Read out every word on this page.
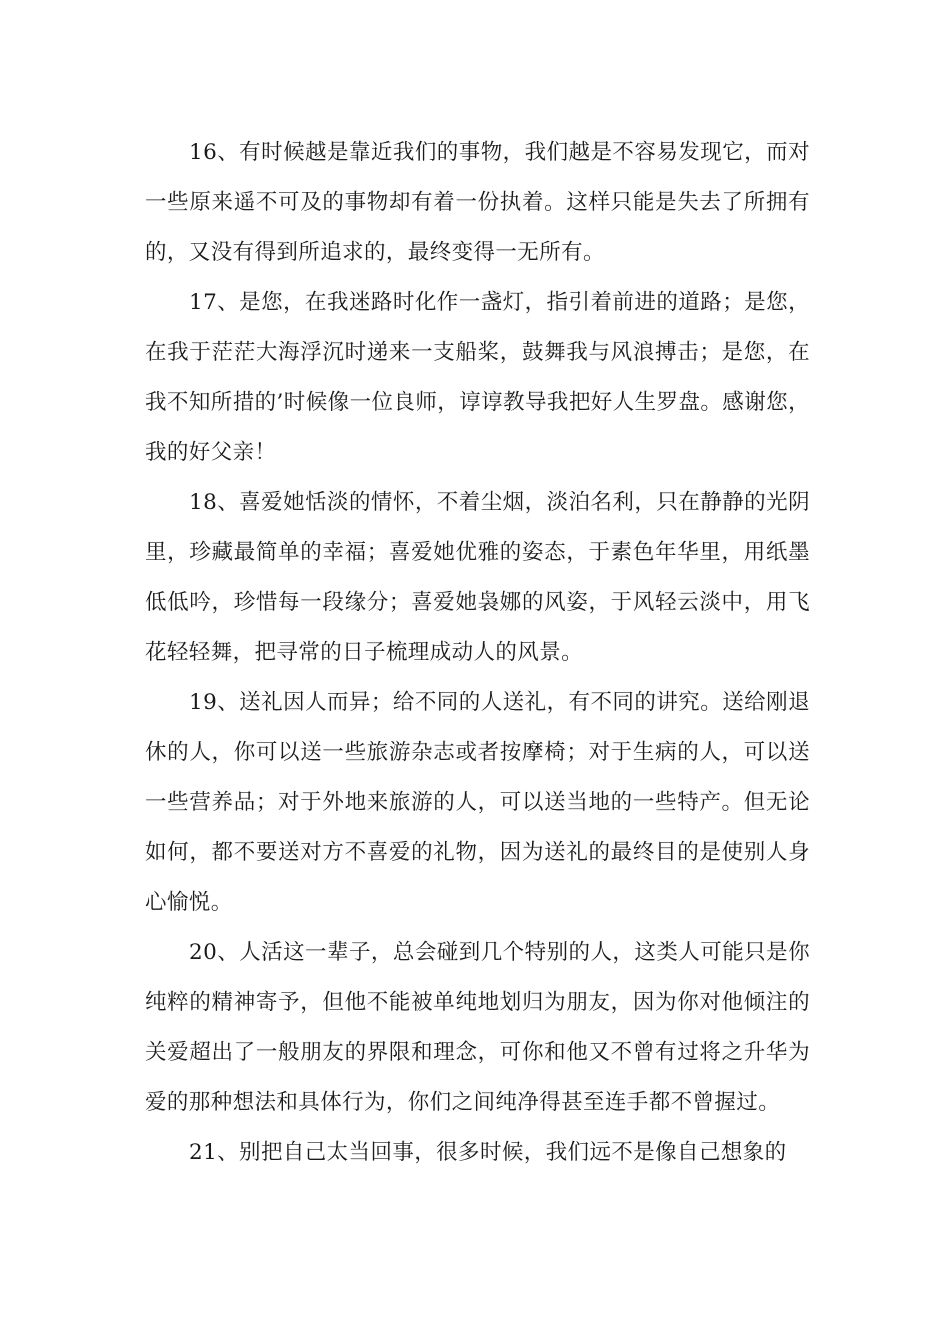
16、有时候越是靠近我们的事物，我们越是不容易发现它，而对一些原来遥不可及的事物却有着一份执着。这样只能是失去了所拥有的，又没有得到所追求的，最终变得一无所有。

17、是您，在我迷路时化作一盏灯，指引着前进的道路；是您，在我于茫茫大海浮沉时递来一支船桨，鼓舞我与风浪搏击；是您，在我不知所措的’时候像一位良师，谆谆教导我把好人生罗盘。感谢您，我的好父亲！

18、喜爱她恬淡的情怀，不着尘烟，淡泊名利，只在静静的光阴里，珍藏最简单的幸福；喜爱她优雅的姿态，于素色年华里，用纸墨低低吟，珍惜每一段缘分；喜爱她袅娜的风姿，于风轻云淡中，用飞花轻轻舞，把寻常的日子梳理成动人的风景。

19、送礼因人而异；给不同的人送礼，有不同的讲究。送给刚退休的人，你可以送一些旅游杂志或者按摩椅；对于生病的人，可以送一些营养品；对于外地来旅游的人，可以送当地的一些特产。但无论如何，都不要送对方不喜爱的礼物，因为送礼的最终目的是使别人身心愉悦。

20、人活这一辈子，总会碰到几个特别的人，这类人可能只是你纯粹的精神寄予，但他不能被单纯地划归为朋友，因为你对他倾注的关爱超出了一般朋友的界限和理念，可你和他又不曾有过将之升华为爱的那种想法和具体行为，你们之间纯净得甚至连手都不曾握过。

21、别把自己太当回事，很多时候，我们远不是像自己想象的
